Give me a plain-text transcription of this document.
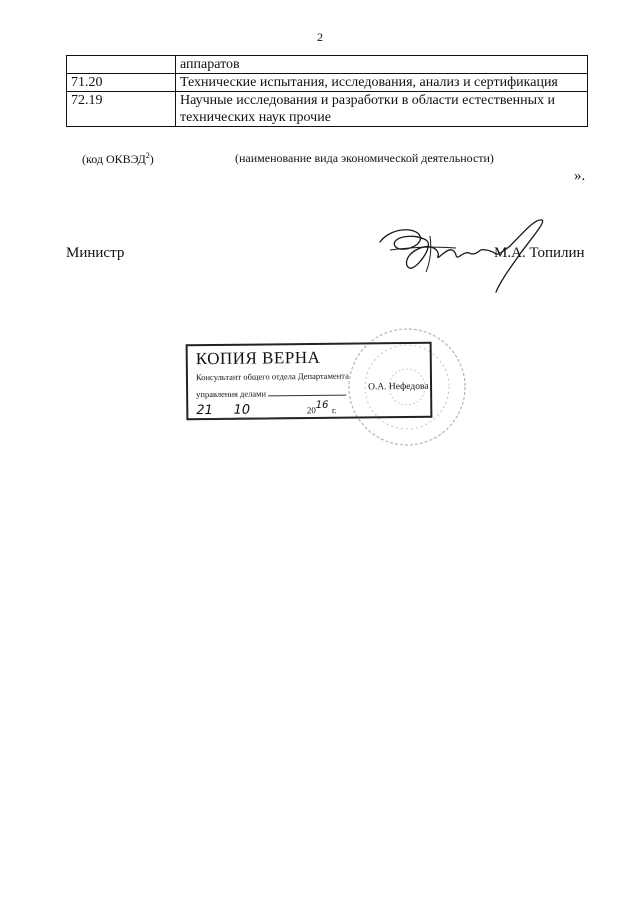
2
	аппаратов
71.20	Технические испытания, исследования, анализ и сертификация
72.19	Научные исследования и разработки в области естественных и технических наук прочие
(код ОКВЭД$^2$)	(наименование вида экономической деятельности)
».
Министр	М.А. Топилин
КОПИЯ ВЕРНА
Консультант общего отдела Департамента
управления делами
О.А. Нефедова
21 10	$20^{16}$ г.
